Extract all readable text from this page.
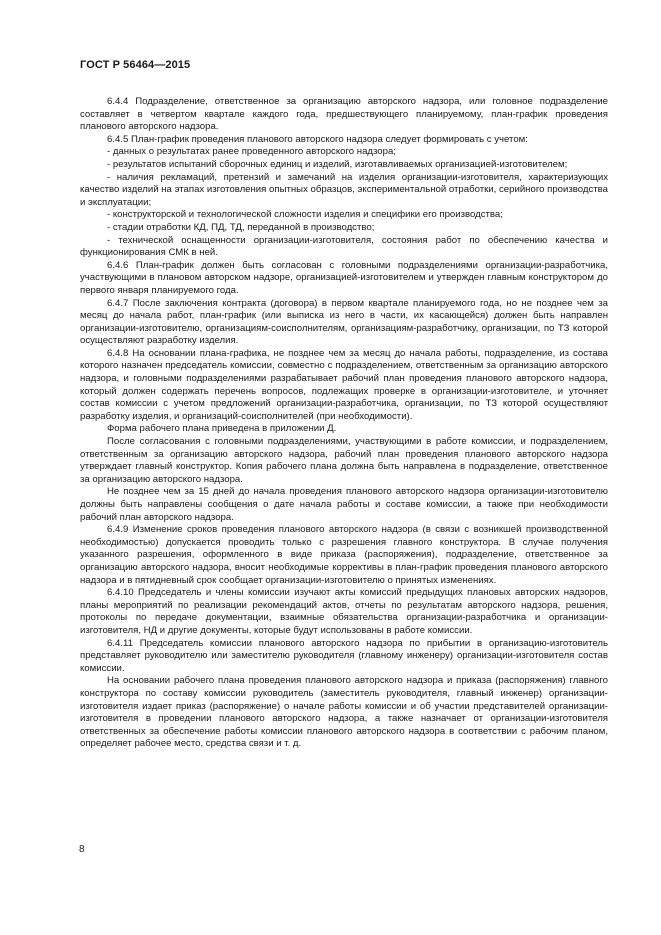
ГОСТ Р 56464—2015

6.4.4 Подразделение, ответственное за организацию авторского надзора, или головное подразделение составляет в четвертом квартале каждого года, предшествующего планируемому, план-график проведения планового авторского надзора.

6.4.5 План-график проведения планового авторского надзора следует формировать с учетом:

- данных о результатах ранее проведенного авторского надзора;

- результатов испытаний сборочных единиц и изделий, изготавливаемых организацией-изготовителем;

- наличия рекламаций, претензий и замечаний на изделия организации-изготовителя, характеризующих качество изделий на этапах изготовления опытных образцов, экспериментальной отработки, серийного производства и эксплуатации;

- конструкторской и технологической сложности изделия и специфики его производства;

- стадии отработки КД, ПД, ТД, переданной в производство;

- технической оснащенности организации-изготовителя, состояния работ по обеспечению качества и функционирования СМК в ней.

6.4.6 План-график должен быть согласован с головными подразделениями организации-разработчика, участвующими в плановом авторском надзоре, организацией-изготовителем и утвержден главным конструктором до первого января планируемого года.

6.4.7 После заключения контракта (договора) в первом квартале планируемого года, но не позднее чем за месяц до начала работ, план-график (или выписка из него в части, их касающейся) должен быть направлен организации-изготовителю, организациям-соисполнителям, организациям-разработчику, организации, по ТЗ которой осуществляют разработку изделия.

6.4.8 На основании плана-графика, не позднее чем за месяц до начала работы, подразделение, из состава которого назначен председатель комиссии, совместно с подразделением, ответственным за организацию авторского надзора, и головными подразделениями разрабатывает рабочий план проведения планового авторского надзора, который должен содержать перечень вопросов, подлежащих проверке в организации-изготовителе, и уточняет состав комиссии с учетом предложений организации-разработчика, организации, по ТЗ которой осуществляют разработку изделия, и организаций-соисполнителей (при необходимости).

Форма рабочего плана приведена в приложении Д.

После согласования с головными подразделениями, участвующими в работе комиссии, и подразделением, ответственным за организацию авторского надзора, рабочий план проведения планового авторского надзора утверждает главный конструктор. Копия рабочего плана должна быть направлена в подразделение, ответственное за организацию авторского надзора.

Не позднее чем за 15 дней до начала проведения планового авторского надзора организации-изготовителю должны быть направлены сообщения о дате начала работы и составе комиссии, а также при необходимости рабочий план авторского надзора.

6.4.9 Изменение сроков проведения планового авторского надзора (в связи с возникшей производственной необходимостью) допускается проводить только с разрешения главного конструктора. В случае получения указанного разрешения, оформленного в виде приказа (распоряжения), подразделение, ответственное за организацию авторского надзора, вносит необходимые коррективы в план-график проведения планового авторского надзора и в пятидневный срок сообщает организации-изготовителю о принятых изменениях.

6.4.10 Председатель и члены комиссии изучают акты комиссий предыдущих плановых авторских надзоров, планы мероприятий по реализации рекомендаций актов, отчеты по результатам авторского надзора, решения, протоколы по передаче документации, взаимные обязательства организации-разработчика и организации-изготовителя, НД и другие документы, которые будут использованы в работе комиссии.

6.4.11 Председатель комиссии планового авторского надзора по прибытии в организацию-изготовитель представляет руководителю или заместителю руководителя (главному инженеру) организации-изготовителя состав комиссии.

На основании рабочего плана проведения планового авторского надзора и приказа (распоряжения) главного конструктора по составу комиссии руководитель (заместитель руководителя, главный инженер) организации-изготовителя издает приказ (распоряжение) о начале работы комиссии и об участии представителей организации-изготовителя в проведении планового авторского надзора, а также назначает от организации-изготовителя ответственных за обеспечение работы комиссии планового авторского надзора в соответствии с рабочим планом, определяет рабочее место, средства связи и т. д.

8
